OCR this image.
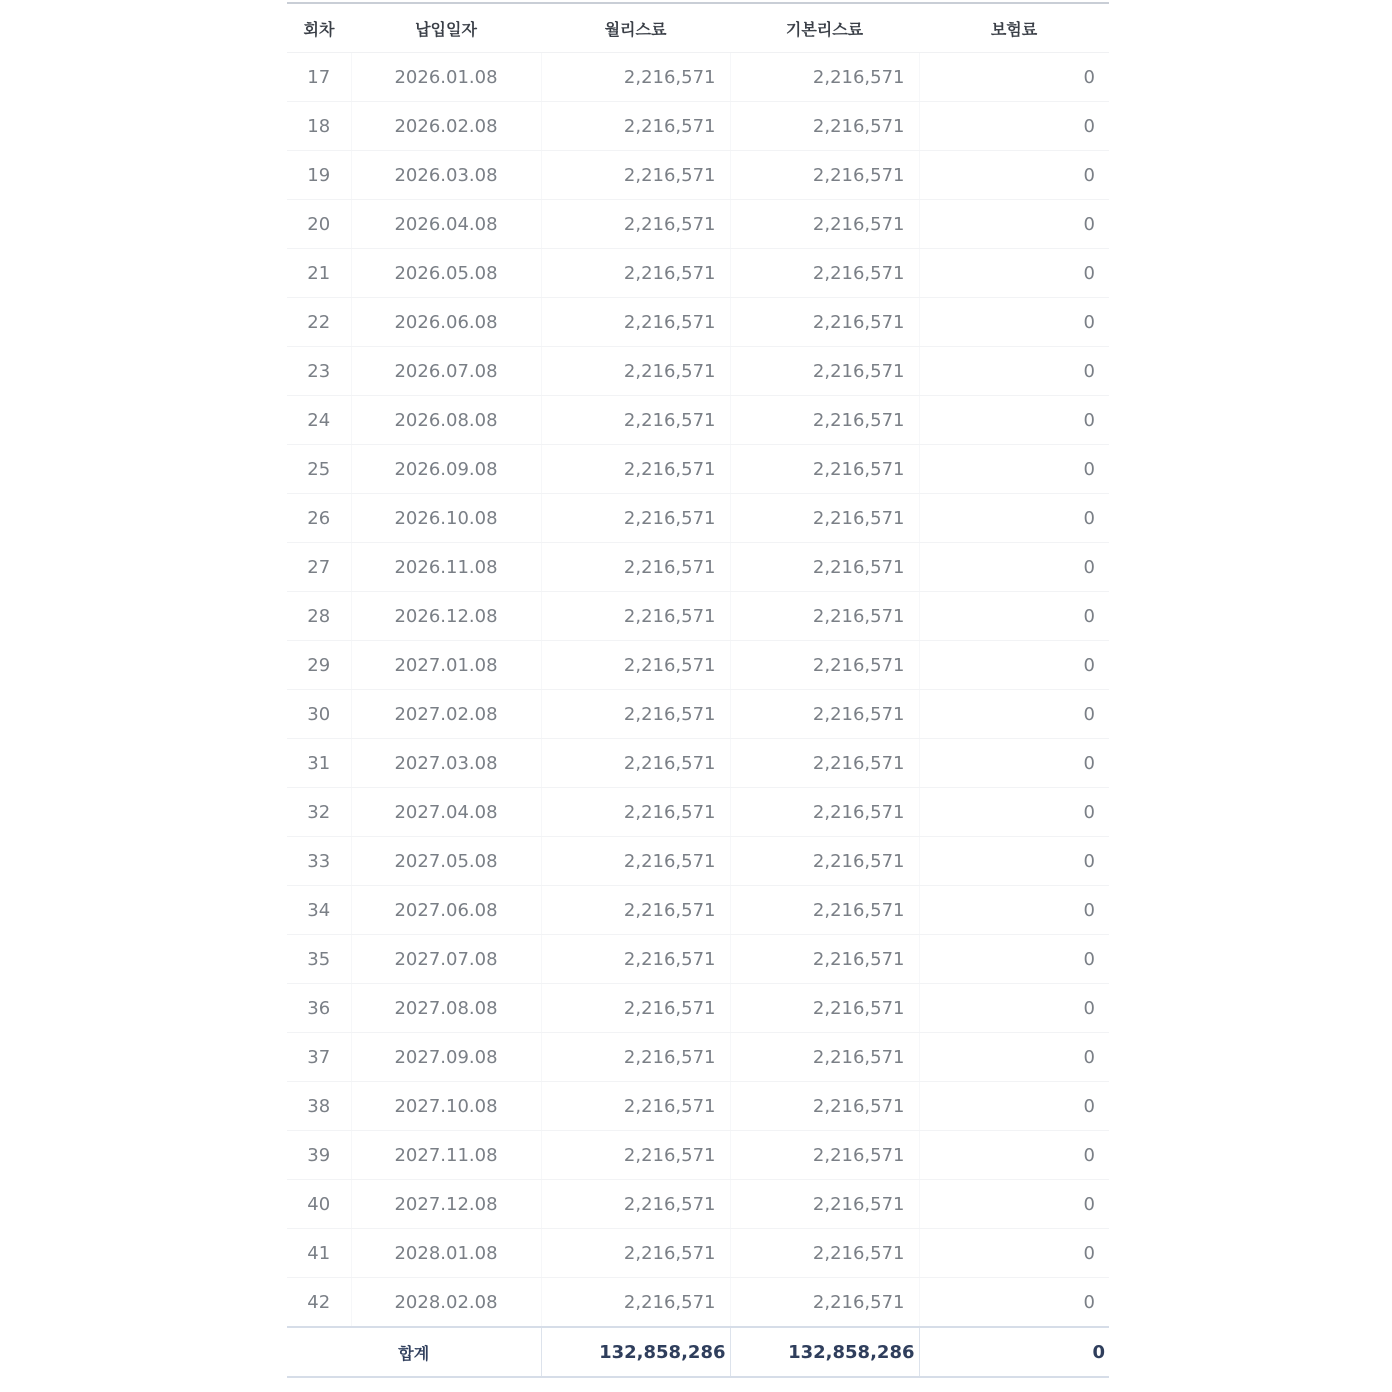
회차	납입일자	월리스료	기본리스료	보험료
17	2026.01.08	2,216,571	2,216,571	0
18	2026.02.08	2,216,571	2,216,571	0
19	2026.03.08	2,216,571	2,216,571	0
20	2026.04.08	2,216,571	2,216,571	0
21	2026.05.08	2,216,571	2,216,571	0
22	2026.06.08	2,216,571	2,216,571	0
23	2026.07.08	2,216,571	2,216,571	0
24	2026.08.08	2,216,571	2,216,571	0
25	2026.09.08	2,216,571	2,216,571	0
26	2026.10.08	2,216,571	2,216,571	0
27	2026.11.08	2,216,571	2,216,571	0
28	2026.12.08	2,216,571	2,216,571	0
29	2027.01.08	2,216,571	2,216,571	0
30	2027.02.08	2,216,571	2,216,571	0
31	2027.03.08	2,216,571	2,216,571	0
32	2027.04.08	2,216,571	2,216,571	0
33	2027.05.08	2,216,571	2,216,571	0
34	2027.06.08	2,216,571	2,216,571	0
35	2027.07.08	2,216,571	2,216,571	0
36	2027.08.08	2,216,571	2,216,571	0
37	2027.09.08	2,216,571	2,216,571	0
38	2027.10.08	2,216,571	2,216,571	0
39	2027.11.08	2,216,571	2,216,571	0
40	2027.12.08	2,216,571	2,216,571	0
41	2028.01.08	2,216,571	2,216,571	0
42	2028.02.08	2,216,571	2,216,571	0
합계		132,858,286	132,858,286	0
